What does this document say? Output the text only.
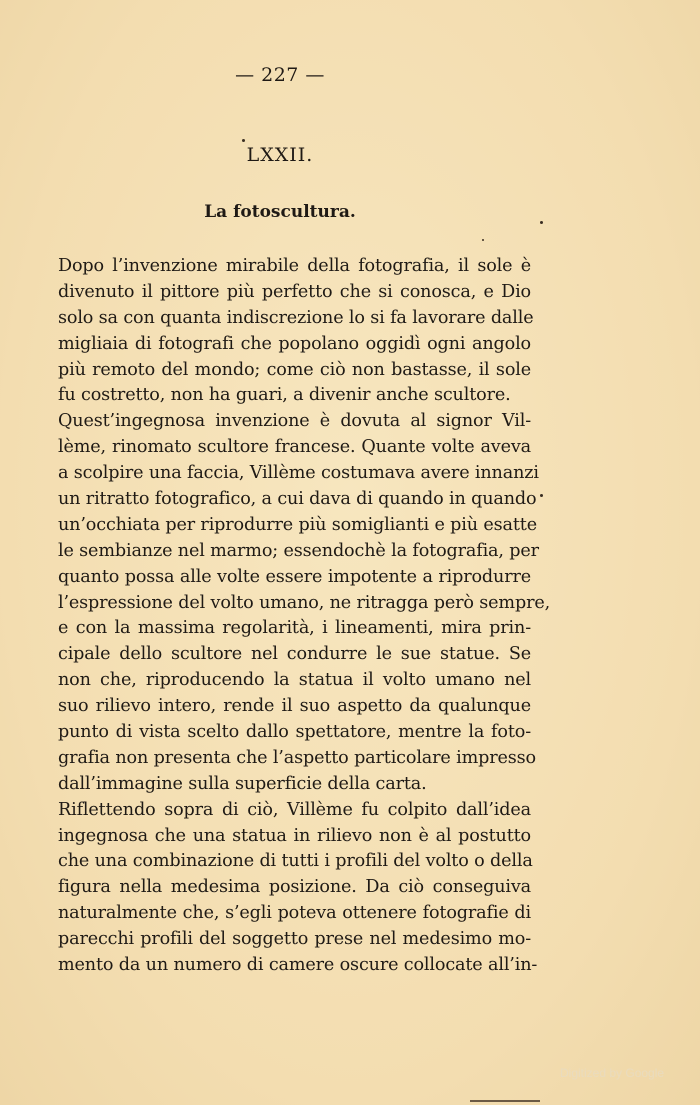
— 227 —
LXXII.
La fotoscultura.
Dopo l’invenzione mirabile della fotografia, il sole è
divenuto il pittore più perfetto che si conosca, e Dio
solo sa con quanta indiscrezione lo si fa lavorare dalle
migliaia di fotografi che popolano oggidì ogni angolo
più remoto del mondo; come ciò non bastasse, il sole
fu costretto, non ha guari, a divenir anche scultore.
Quest’ingegnosa invenzione è dovuta al signor Vil-
lème, rinomato scultore francese. Quante volte aveva
a scolpire una faccia, Villème costumava avere innanzi
un ritratto fotografico, a cui dava di quando in quando
un’occhiata per riprodurre più somiglianti e più esatte
le sembianze nel marmo; essendochè la fotografia, per
quanto possa alle volte essere impotente a riprodurre
l’espressione del volto umano, ne ritragga però sempre,
e con la massima regolarità, i lineamenti, mira prin-
cipale dello scultore nel condurre le sue statue. Se
non che, riproducendo la statua il volto umano nel
suo rilievo intero, rende il suo aspetto da qualunque
punto di vista scelto dallo spettatore, mentre la foto-
grafia non presenta che l’aspetto particolare impresso
dall’immagine sulla superficie della carta.
Riflettendo sopra di ciò, Villème fu colpito dall’idea
ingegnosa che una statua in rilievo non è al postutto
che una combinazione di tutti i profili del volto o della
figura nella medesima posizione. Da ciò conseguiva
naturalmente che, s’egli poteva ottenere fotografie di
parecchi profili del soggetto prese nel medesimo mo-
mento da un numero di camere oscure collocate all’in-
Digitized by Google
